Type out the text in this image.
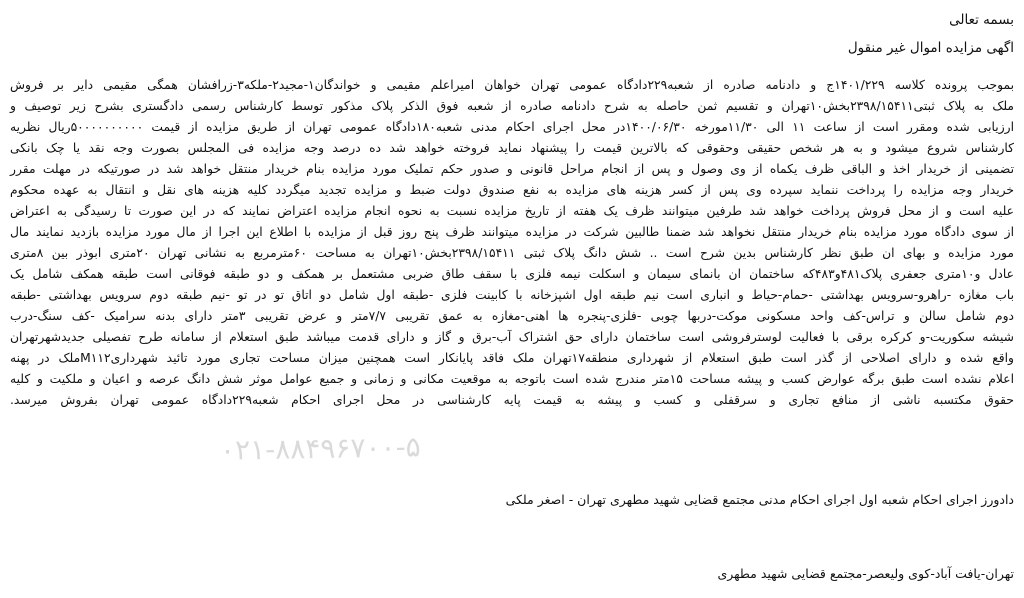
بسمه تعالی
اگهی مزایده اموال غیر منقول
بموجب پرونده کلاسه ۱۴۰۱/۲۲۹ج و دادنامه صادره از شعبه۲۲۹دادگاه عمومی تهران خواهان امیراعلم مقیمی و خواندگان۱-مجید۲-ملکه۳-زرافشان همگی مقیمی دایر بر فروش
ملک به پلاک ثبتی۲۳۹۸/۱۵۴۱۱بخش۱۰تهران و تقسیم ثمن حاصله به شرح دادنامه صادره از شعبه فوق الذکر پلاک مذکور توسط کارشناس رسمی دادگستری بشرح زیر توصیف و
ارزیابی شده ومقرر است از ساعت ۱۱ الی ۱۱/۳۰مورخه ۱۴۰۰/۰۶/۳۰در محل اجرای احکام مدنی شعبه۱۸۰دادگاه عمومی تهران از طریق مزایده از قیمت ۵۰۰۰۰۰۰۰۰۰۰ریال نظریه
کارشناس شروع میشود و به هر شخص حقیقی وحقوقی که بالاترین قیمت را پیشنهاد نماید فروخته خواهد شد ده درصد وجه مزایده فی المجلس بصورت وجه نقد یا چک بانکی
تضمینی از خریدار اخذ و الباقی ظرف یکماه از وی وصول و پس از انجام مراحل قانونی و صدور حکم تملیک مورد مزایده بنام خریدار منتقل خواهد شد در صورتیکه در مهلت مقرر
خریدار وجه مزایده را پرداخت ننماید سپرده وی پس از کسر هزینه های مزایده به نفع صندوق دولت ضبط و مزایده تجدید میگردد کلیه هزینه های نقل و انتقال به عهده محکوم
علیه است و از محل فروش پرداخت خواهد شد طرفین میتوانند ظرف یک هفته از تاریخ مزایده نسبت به نحوه انجام مزایده اعتراض نمایند که در این صورت تا رسیدگی به اعتراض
از سوی دادگاه مورد مزایده بنام خریدار منتقل نخواهد شد ضمنا طالبین شرکت در مزایده میتوانند ظرف پنج روز قبل از مزایده با اطلاع این اجرا از مال مورد مزایده بازدید نمایند مال
مورد مزایده و بهای ان طبق نظر کارشناس بدین شرح است .. شش دانگ پلاک ثبتی ۲۳۹۸/۱۵۴۱۱بخش۱۰تهران به مساحت ۶۰مترمربع به نشانی تهران ۲۰متری ابوذر بین ۸متری
عادل و۱۰متری جعفری پلاک۴۸۱و۴۸۳که ساختمان ان بانمای سیمان و اسکلت نیمه فلزی با سقف طاق ضربی مشتعمل بر همکف و دو طبقه فوقانی است طبقه همکف شامل یک
باب مغازه -راهرو-سرویس بهداشتی -حمام-حیاط و انباری است نیم طبقه اول اشپزخانه با کابینت فلزی -طبقه اول شامل دو اتاق تو در تو -نیم طبقه دوم سرویس بهداشتی -طبقه
دوم شامل سالن و تراس-کف واحد مسکونی موکت-دربها چوبی -فلزی-پنجره ها اهنی-مغازه به عمق تقریبی ۷/۷متر و عرض تقریبی ۳متر دارای بدنه سرامیک -کف سنگ-درب
شیشه سکوریت-و کرکره برقی با فعالیت لوسترفروشی است ساختمان دارای حق اشتراک آب-برق و گاز و دارای قدمت میباشد طبق استعلام از سامانه طرح تفصیلی جدیدشهرتهران
واقع شده و دارای اصلاحی از گذر است طبق استعلام از شهرداری منطقه۱۷تهران ملک فاقد پایانکار است همچنین میزان مساحت تجاری مورد تائید شهرداریM۱۱۲ملک در پهنه
اعلام نشده است طبق برگه عوارض کسب و پیشه مساحت ۱۵متر مندرج شده است باتوجه به موقعیت مکانی و زمانی و جمیع عوامل موثر شش دانگ عرصه و اعیان و ملکیت و کلیه
حقوق مکتسبه ناشی از منافع تجاری و سرقفلی و کسب و پیشه به قیمت پایه کارشناسی در محل اجرای احکام شعبه۲۲۹دادگاه عمومی تهران بفروش میرسد.
۰۲۱-۸۸۴۹۶۷۰۰-۵
دادورز اجرای احکام شعبه اول اجرای احکام مدنی مجتمع قضایی شهید مطهری تهران - اصغر ملکی
تهران-یافت آباد-کوی ولیعصر-مجتمع قضایی شهید مطهری
